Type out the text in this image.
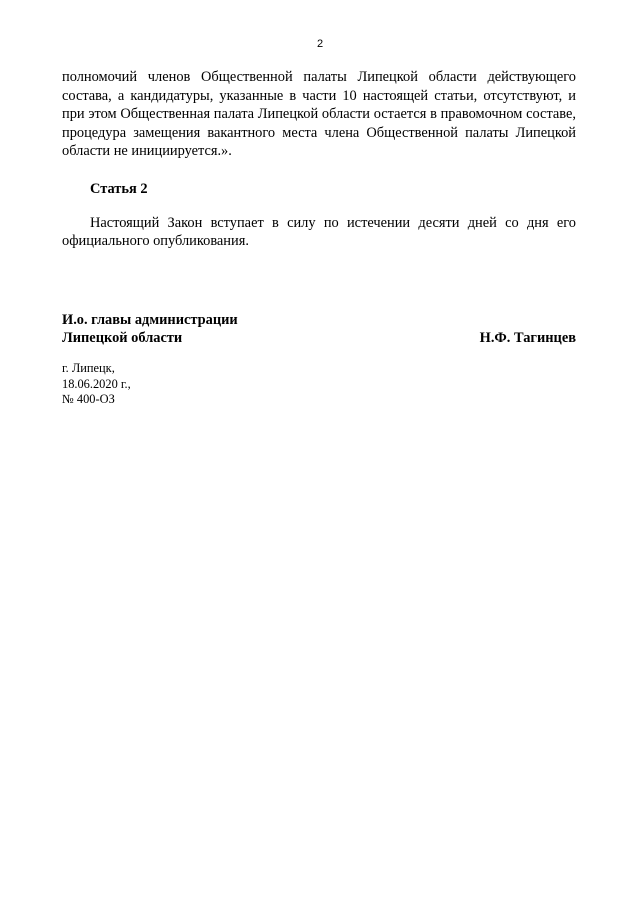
2

полномочий членов Общественной палаты Липецкой области действующего состава, а кандидатуры, указанные в части 10 настоящей статьи, отсутствуют, и при этом Общественная палата Липецкой области остается в правомочном составе, процедура замещения вакантного места члена Общественной палаты Липецкой области не инициируется.».

Статья 2

Настоящий Закон вступает в силу по истечении десяти дней со дня его официального опубликования.

И.о. главы администрации
Липецкой области	Н.Ф. Тагинцев
г. Липецк,
18.06.2020 г.,
№ 400-ОЗ
